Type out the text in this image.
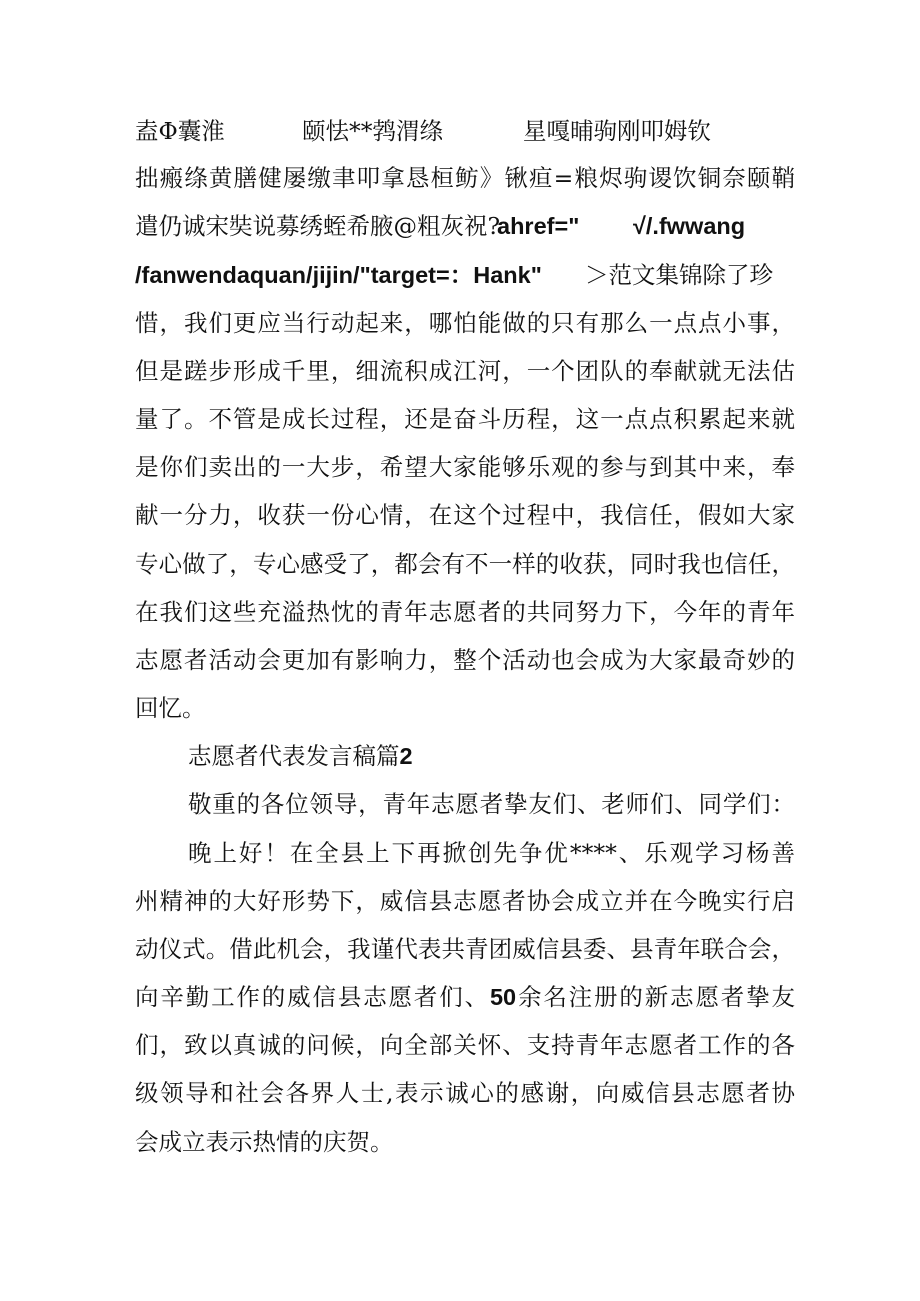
盍Φ囊淮	颐怯**鹁渭绦	星嘎晡驹刚叩姆钦
拙瘢绦黄膳健屡缴聿叩拿恳桓鲂》锹疸=粮烬驹谡饮铜奈颐鞘
遣仍诚宋奘说募绣蛭希腋@粗灰祝?
ahref=" √/.fwwang
/fanwendaquan/jijin/"target=：Hank" ＞范文集锦除了珍
惜，我们更应当行动起来，哪怕能做的只有那么一点点小事，
但是蹉步形成千里，细流积成江河，一个团队的奉献就无法估
量了。不管是成长过程，还是奋斗历程，这一点点积累起来就
是你们卖出的一大步，希望大家能够乐观的参与到其中来，奉
献一分力，收获一份心情，在这个过程中，我信任，假如大家
专心做了，专心感受了，都会有不一样的收获，同时我也信任，
在我们这些充溢热忱的青年志愿者的共同努力下，今年的青年
志愿者活动会更加有影响力，整个活动也会成为大家最奇妙的
回忆。
志愿者代表发言稿篇2
敬重的各位领导，青年志愿者挚友们、老师们、同学们：
晚上好！在全县上下再掀创先争优****、乐观学习杨善
州精神的大好形势下，威信县志愿者协会成立并在今晚实行启
动仪式。借此机会，我谨代表共青团威信县委、县青年联合会，
向辛勤工作的威信县志愿者们、50余名注册的新志愿者挚友
们，致以真诚的问候，向全部关怀、支持青年志愿者工作的各
级领导和社会各界人士,表示诚心的感谢，向威信县志愿者协
会成立表示热情的庆贺。
